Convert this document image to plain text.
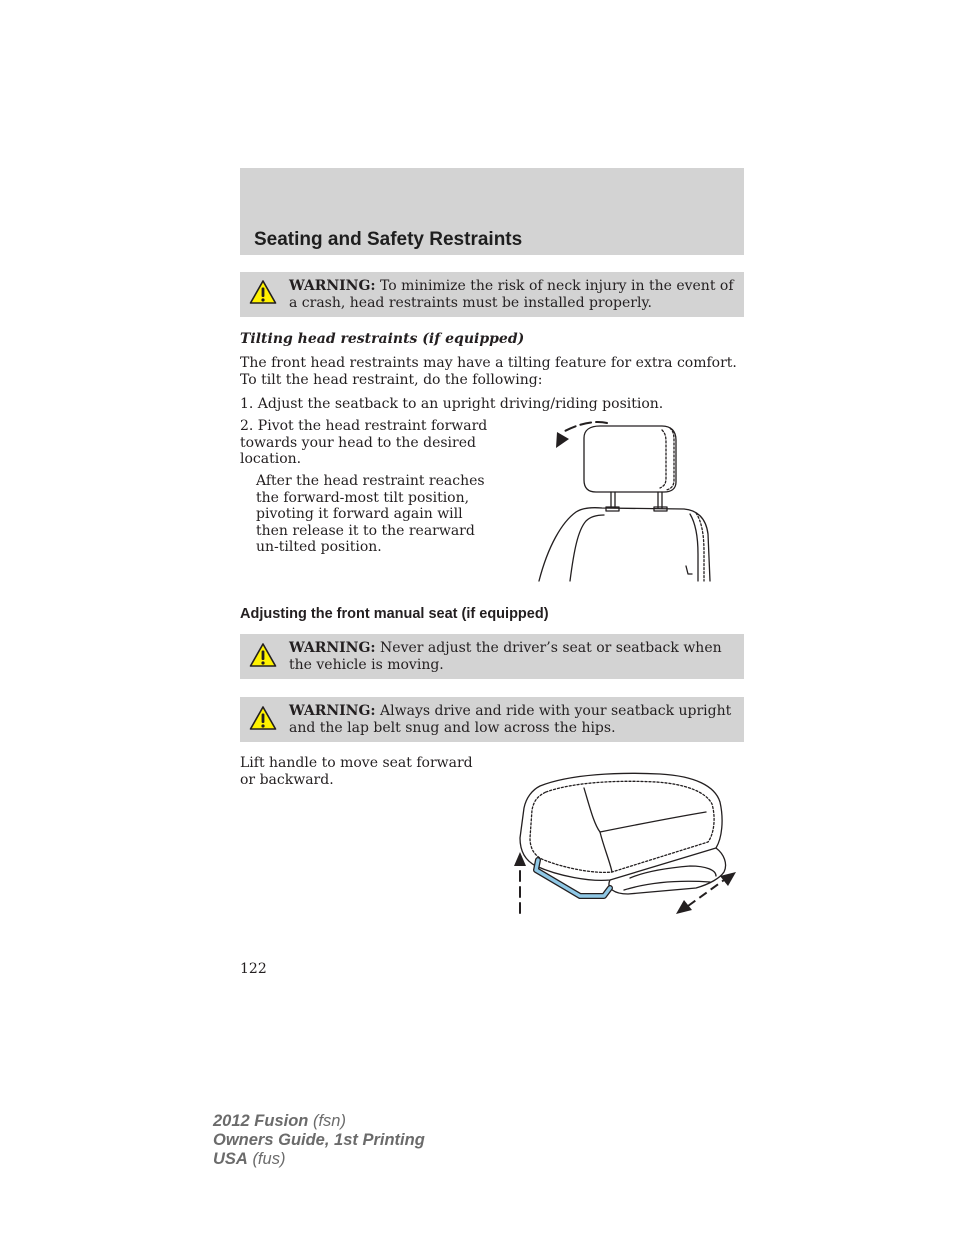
Seating and Safety Restraints
WARNING: To minimize the risk of neck injury in the event of a crash, head restraints must be installed properly.
Tilting head restraints (if equipped)
The front head restraints may have a tilting feature for extra comfort. To tilt the head restraint, do the following:
1. Adjust the seatback to an upright driving/riding position.
2. Pivot the head restraint forward towards your head to the desired location.
After the head restraint reaches the forward-most tilt position, pivoting it forward again will then release it to the rearward un-tilted position.
Adjusting the front manual seat (if equipped)
WARNING: Never adjust the driver’s seat or seatback when the vehicle is moving.
WARNING: Always drive and ride with your seatback upright and the lap belt snug and low across the hips.
Lift handle to move seat forward or backward.
122
2012 Fusion (fsn)
Owners Guide, 1st Printing
USA (fus)
